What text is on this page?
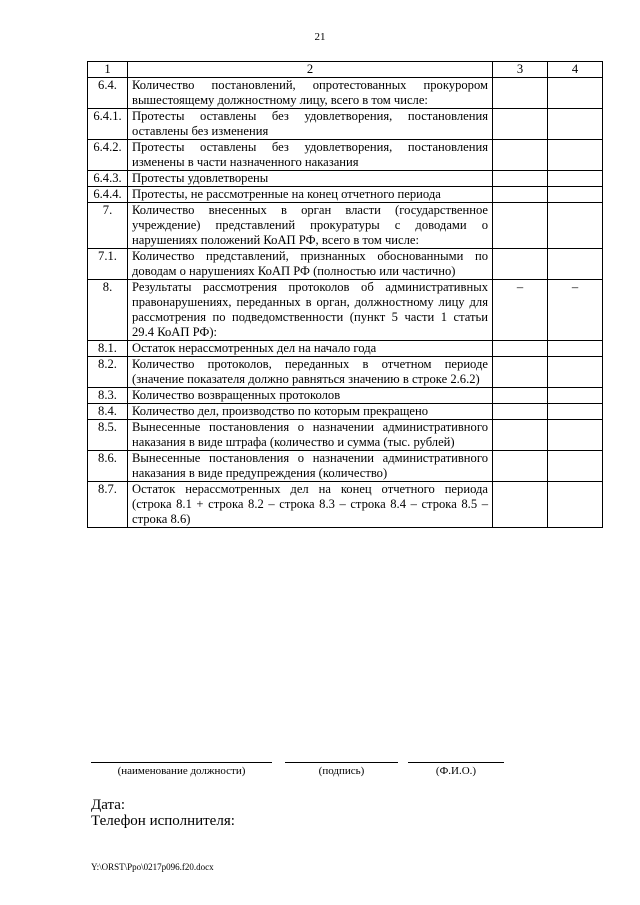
21
1	2	3	4
6.4.	Количество постановлений, опротестованных прокурором вышестоящему должностному лицу, всего в том числе:		
6.4.1.	Протесты оставлены без удовлетворения, постановления оставлены без изменения		
6.4.2.	Протесты оставлены без удовлетворения, постановления изменены в части назначенного наказания		
6.4.3.	Протесты удовлетворены		
6.4.4.	Протесты, не рассмотренные на конец отчетного периода		
7.	Количество внесенных в орган власти (государственное учреждение) представлений прокуратуры с доводами о нарушениях положений КоАП РФ, всего в том числе:		
7.1.	Количество представлений, признанных обоснованными по доводам о нарушениях КоАП РФ (полностью или частично)		
8.	Результаты рассмотрения протоколов об административных правонарушениях, переданных в орган, должностному лицу для рассмотрения по подведомственности (пункт 5 части 1 статьи 29.4 КоАП РФ):	–	–
8.1.	Остаток нерассмотренных дел на начало года		
8.2.	Количество протоколов, переданных в отчетном периоде (значение показателя должно равняться значению в строке 2.6.2)		
8.3.	Количество возвращенных протоколов		
8.4.	Количество дел, производство по которым прекращено		
8.5.	Вынесенные постановления о назначении административного наказания в виде штрафа (количество и сумма (тыс. рублей)		
8.6.	Вынесенные постановления о назначении административного наказания в виде предупреждения (количество)		
8.7.	Остаток нерассмотренных дел на конец отчетного периода (строка 8.1 + строка 8.2 – строка 8.3 – строка 8.4 – строка 8.5 – строка 8.6)		
(наименование должности)	(подпись)	(Ф.И.О.)
Дата:
Телефон исполнителя:
Y:\ORST\Ppo\0217p096.f20.docx
